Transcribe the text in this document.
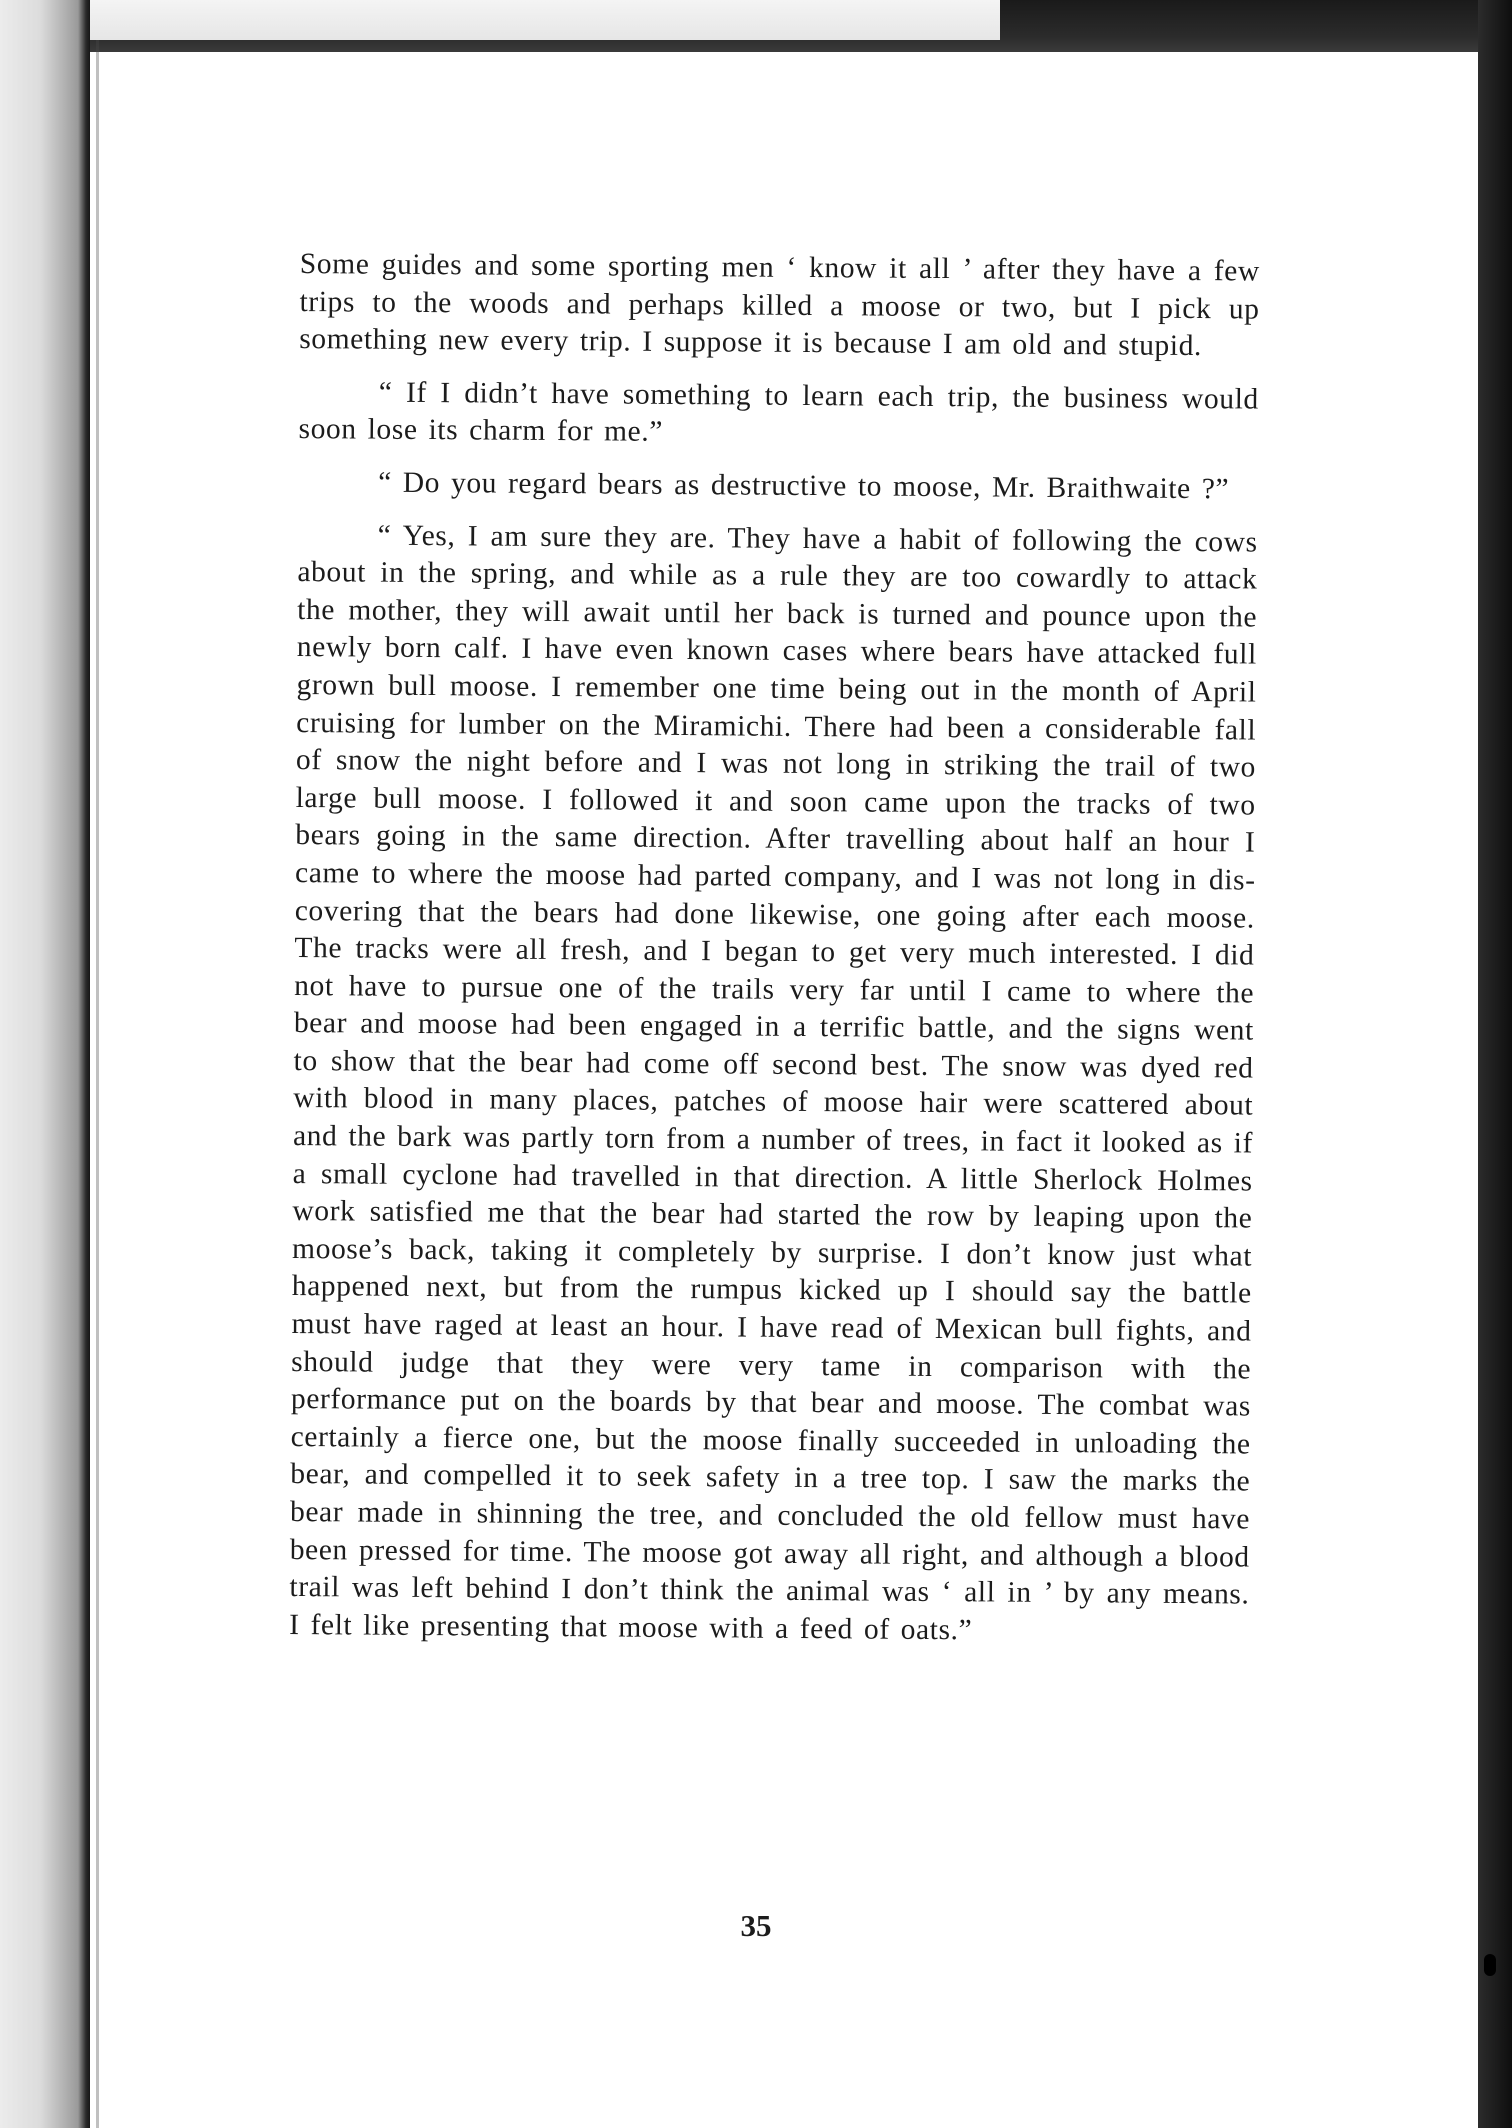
Some guides and some sporting men ‘ know it all ’ after they have a few trips to the woods and perhaps killed a moose or two, but I pick up something new every trip. I suppose it is because I am old and stupid.

“ If I didn’t have something to learn each trip, the business would soon lose its charm for me.”

“ Do you regard bears as destructive to moose, Mr. Braithwaite ?”

“ Yes, I am sure they are. They have a habit of following the cows about in the spring, and while as a rule they are too cowardly to attack the mother, they will await until her back is turned and pounce upon the newly born calf. I have even known cases where bears have attacked full grown bull moose. I remember one time being out in the month of April cruising for lumber on the Miramichi. There had been a considerable fall of snow the night before and I was not long in striking the trail of two large bull moose. I followed it and soon came upon the tracks of two bears going in the same direction. After travelling about half an hour I came to where the moose had parted company, and I was not long in discovering that the bears had done likewise, one going after each moose. The tracks were all fresh, and I began to get very much interested. I did not have to pursue one of the trails very far until I came to where the bear and moose had been engaged in a terrific battle, and the signs went to show that the bear had come off second best. The snow was dyed red with blood in many places, patches of moose hair were scattered about and the bark was partly torn from a number of trees, in fact it looked as if a small cyclone had travelled in that direction. A little Sherlock Holmes work satisfied me that the bear had started the row by leaping upon the moose’s back, taking it completely by surprise. I don’t know just what happened next, but from the rumpus kicked up I should say the battle must have raged at least an hour. I have read of Mexican bull fights, and should judge that they were very tame in comparison with the performance put on the boards by that bear and moose. The combat was certainly a fierce one, but the moose finally succeeded in unloading the bear, and compelled it to seek safety in a tree top. I saw the marks the bear made in shinning the tree, and concluded the old fellow must have been pressed for time. The moose got away all right, and although a blood trail was left behind I don’t think the animal was ‘ all in ’ by any means. I felt like presenting that moose with a feed of oats.”

35
